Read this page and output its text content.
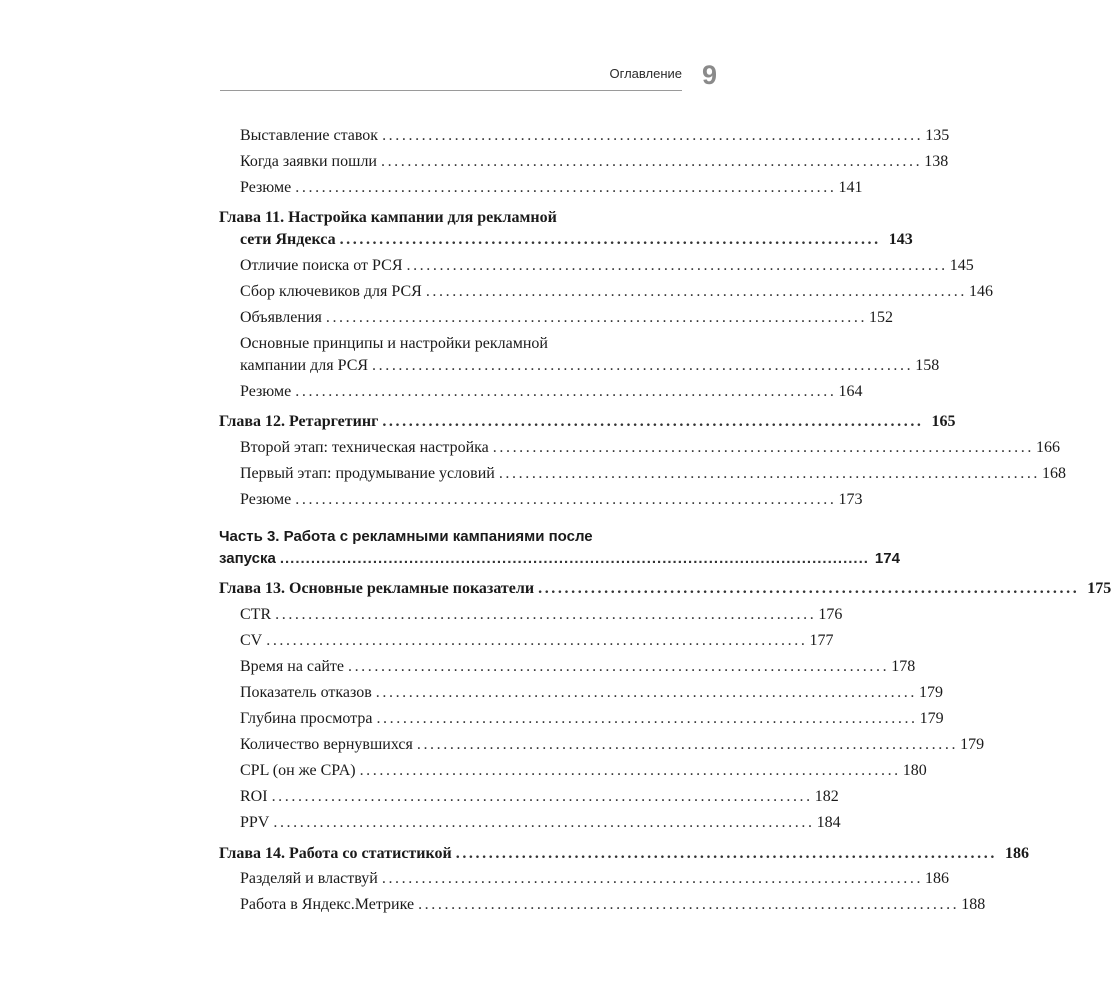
Оглавление 9
Выставление ставок .................................................................................. 135
Когда заявки пошли .................................................................................. 138
Резюме .................................................................................. 141
Глава 11. Настройка кампании для рекламной
сети Яндекса .................................................................................. 143
Отличие поиска от РСЯ .................................................................................. 145
Сбор ключевиков для РСЯ .................................................................................. 146
Объявления .................................................................................. 152
Основные принципы и настройки рекламной
кампании для РСЯ .................................................................................. 158
Резюме .................................................................................. 164
Глава 12. Ретаргетинг .................................................................................. 165
Второй этап: техническая настройка .................................................................................. 166
Первый этап: продумывание условий .................................................................................. 168
Резюме .................................................................................. 173
Часть 3. Работа с рекламными кампаниями после
запуска .................................................................................................................. 174
Глава 13. Основные рекламные показатели .................................................................................. 175
CTR .................................................................................. 176
CV .................................................................................. 177
Время на сайте .................................................................................. 178
Показатель отказов .................................................................................. 179
Глубина просмотра .................................................................................. 179
Количество вернувшихся .................................................................................. 179
CPL (он же CPA) .................................................................................. 180
ROI .................................................................................. 182
PPV .................................................................................. 184
Глава 14. Работа со статистикой .................................................................................. 186
Разделяй и властвуй .................................................................................. 186
Работа в Яндекс.Метрике .................................................................................. 188
